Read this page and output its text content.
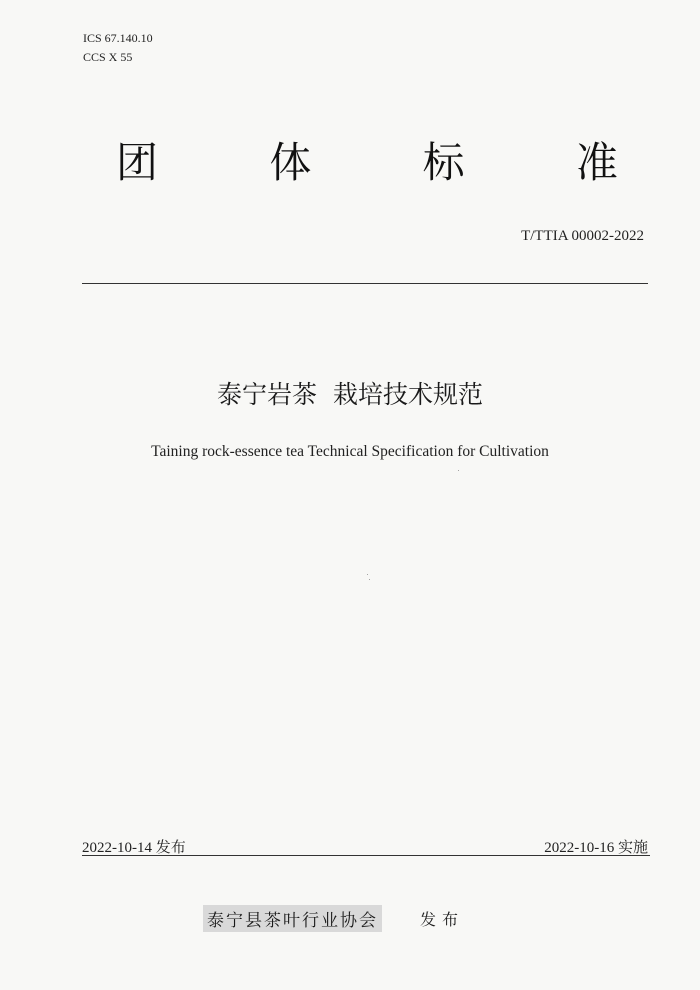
ICS 67.140.10
CCS X 55
团	体	标	准
T/TTIA 00002-2022
泰宁岩茶  栽培技术规范
Taining rock-essence tea Technical Specification for Cultivation
2022-10-14 发布	2022-10-16 实施
泰宁县茶叶行业协会	发布
